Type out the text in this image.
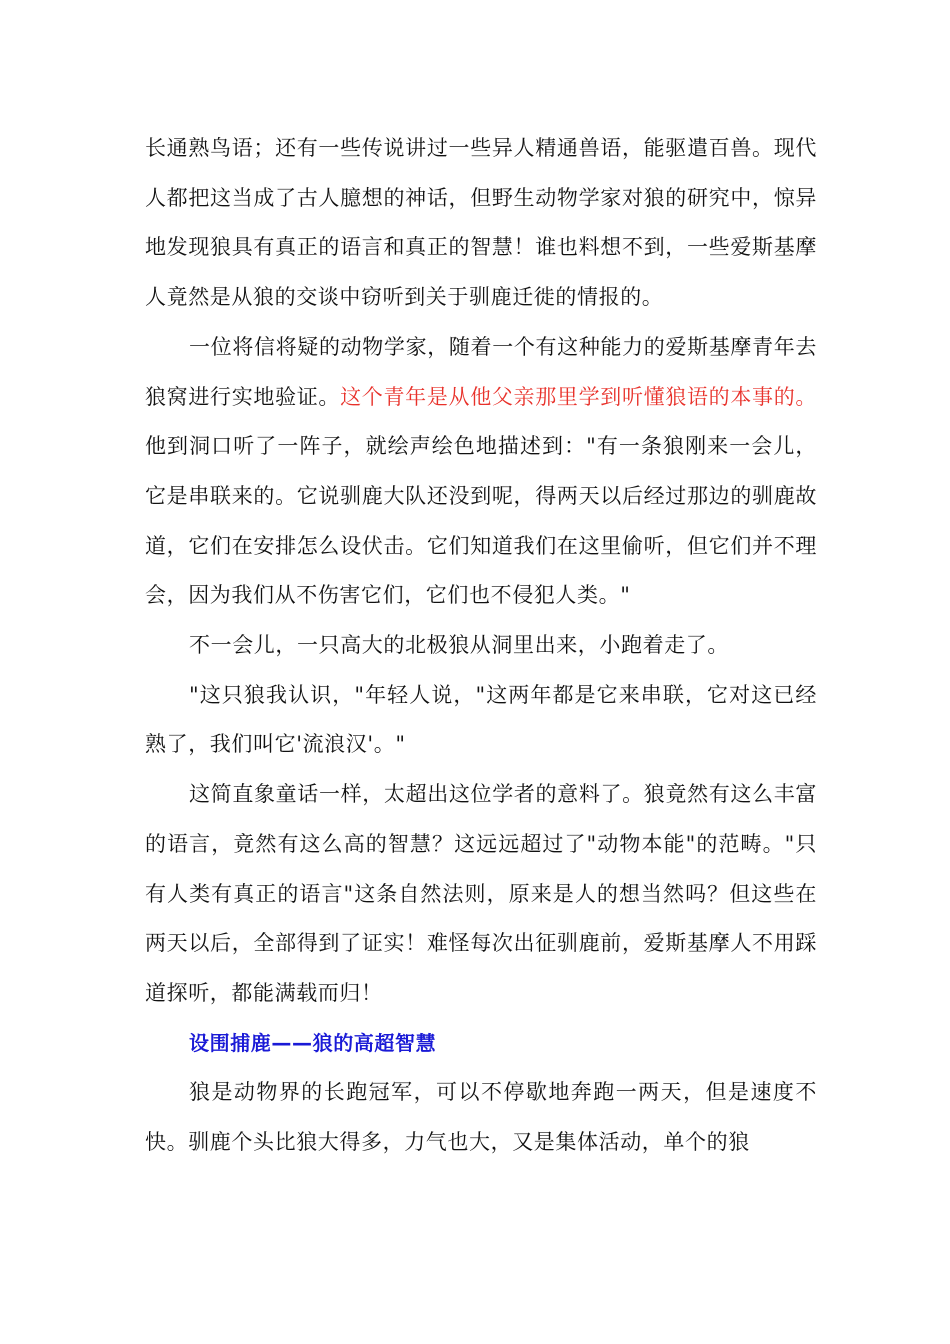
长通熟鸟语；还有一些传说讲过一些异人精通兽语，能驱遣百兽。现代人都把这当成了古人臆想的神话，但野生动物学家对狼的研究中，惊异地发现狼具有真正的语言和真正的智慧！谁也料想不到，一些爱斯基摩人竟然是从狼的交谈中窃听到关于驯鹿迁徙的情报的。

一位将信将疑的动物学家，随着一个有这种能力的爱斯基摩青年去狼窝进行实地验证。这个青年是从他父亲那里学到听懂狼语的本事的。他到洞口听了一阵子，就绘声绘色地描述到："有一条狼刚来一会儿，它是串联来的。它说驯鹿大队还没到呢，得两天以后经过那边的驯鹿故道，它们在安排怎么设伏击。它们知道我们在这里偷听，但它们并不理会，因为我们从不伤害它们，它们也不侵犯人类。"

不一会儿，一只高大的北极狼从洞里出来，小跑着走了。

"这只狼我认识，"年轻人说，"这两年都是它来串联，它对这已经熟了，我们叫它'流浪汉'。"

这简直象童话一样，太超出这位学者的意料了。狼竟然有这么丰富的语言，竟然有这么高的智慧？这远远超过了"动物本能"的范畴。"只有人类有真正的语言"这条自然法则，原来是人的想当然吗？但这些在两天以后，全部得到了证实！难怪每次出征驯鹿前，爱斯基摩人不用踩道探听，都能满载而归！

设围捕鹿——狼的高超智慧

狼是动物界的长跑冠军，可以不停歇地奔跑一两天，但是速度不快。驯鹿个头比狼大得多，力气也大，又是集体活动，单个的狼
